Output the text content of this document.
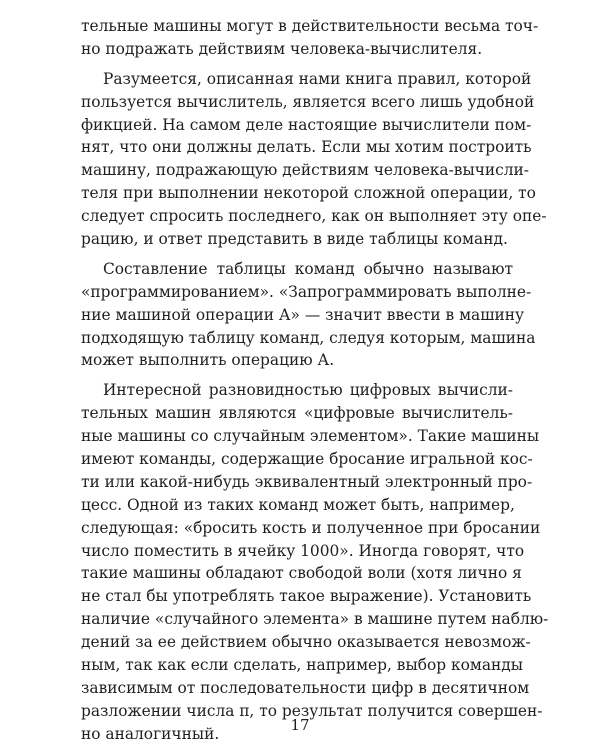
тельные машины могут в действительности весьма точ-
но подражать действиям человека-вычислителя.
Разумеется, описанная нами книга правил, которой
пользуется вычислитель, является всего лишь удобной
фикцией. На самом деле настоящие вычислители пом-
нят, что они должны делать. Если мы хотим построить
машину, подражающую действиям человека-вычисли-
теля при выполнении некоторой сложной операции, то
следует спросить последнего, как он выполняет эту опе-
рацию, и ответ представить в виде таблицы команд.
Составление таблицы команд обычно называют
«программированием». «Запрограммировать выполне-
ние машиной операции А» — значит ввести в машину
подходящую таблицу команд, следуя которым, машина
может выполнить операцию А.
Интересной разновидностью цифровых вычисли-
тельных машин являются «цифровые вычислитель-
ные машины со случайным элементом». Такие машины
имеют команды, содержащие бросание игральной кос-
ти или какой-нибудь эквивалентный электронный про-
цесс. Одной из таких команд может быть, например,
следующая: «бросить кость и полученное при бросании
число поместить в ячейку 1000». Иногда говорят, что
такие машины обладают свободой воли (хотя лично я
не стал бы употреблять такое выражение). Установить
наличие «случайного элемента» в машине путем наблю-
дений за ее действием обычно оказывается невозмож-
ным, так как если сделать, например, выбор команды
зависимым от последовательности цифр в десятичном
разложении числа π, то результат получится совершен-
но аналогичный.	17
